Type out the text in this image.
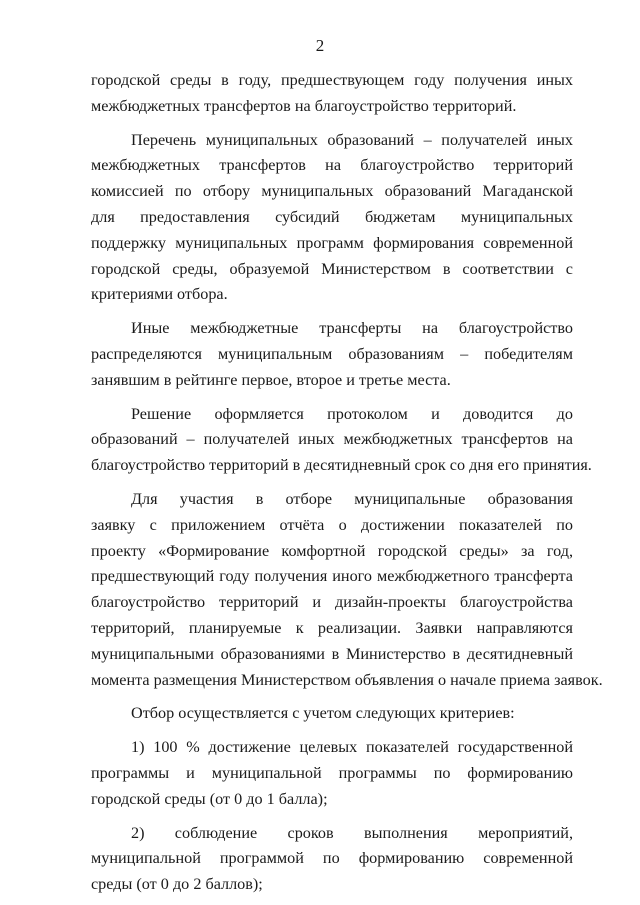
2
городской среды в году, предшествующем году получения иных
межбюджетных трансфертов на благоустройство территорий.
Перечень муниципальных образований – получателей иных
межбюджетных трансфертов на благоустройство территорий
комиссией по отбору муниципальных образований Магаданской
для предоставления субсидий бюджетам муниципальных
поддержку муниципальных программ формирования современной
городской среды, образуемой Министерством в соответствии с
критериями отбора.
Иные межбюджетные трансферты на благоустройство
распределяются муниципальным образованиям – победителям
занявшим в рейтинге первое, второе и третье места.
Решение оформляется протоколом и доводится до
образований – получателей иных межбюджетных трансфертов на
благоустройство территорий в десятидневный срок со дня его принятия.
Для участия в отборе муниципальные образования
заявку с приложением отчёта о достижении показателей по
проекту «Формирование комфортной городской среды» за год,
предшествующий году получения иного межбюджетного трансферта
благоустройство территорий и дизайн-проекты благоустройства
территорий, планируемые к реализации. Заявки направляются
муниципальными образованиями в Министерство в десятидневный
момента размещения Министерством объявления о начале приема заявок.
Отбор осуществляется с учетом следующих критериев:
1) 100 % достижение целевых показателей государственной
программы и муниципальной программы по формированию
городской среды (от 0 до 1 балла);
2) соблюдение сроков выполнения мероприятий,
муниципальной программой по формированию современной
среды (от 0 до 2 баллов);
